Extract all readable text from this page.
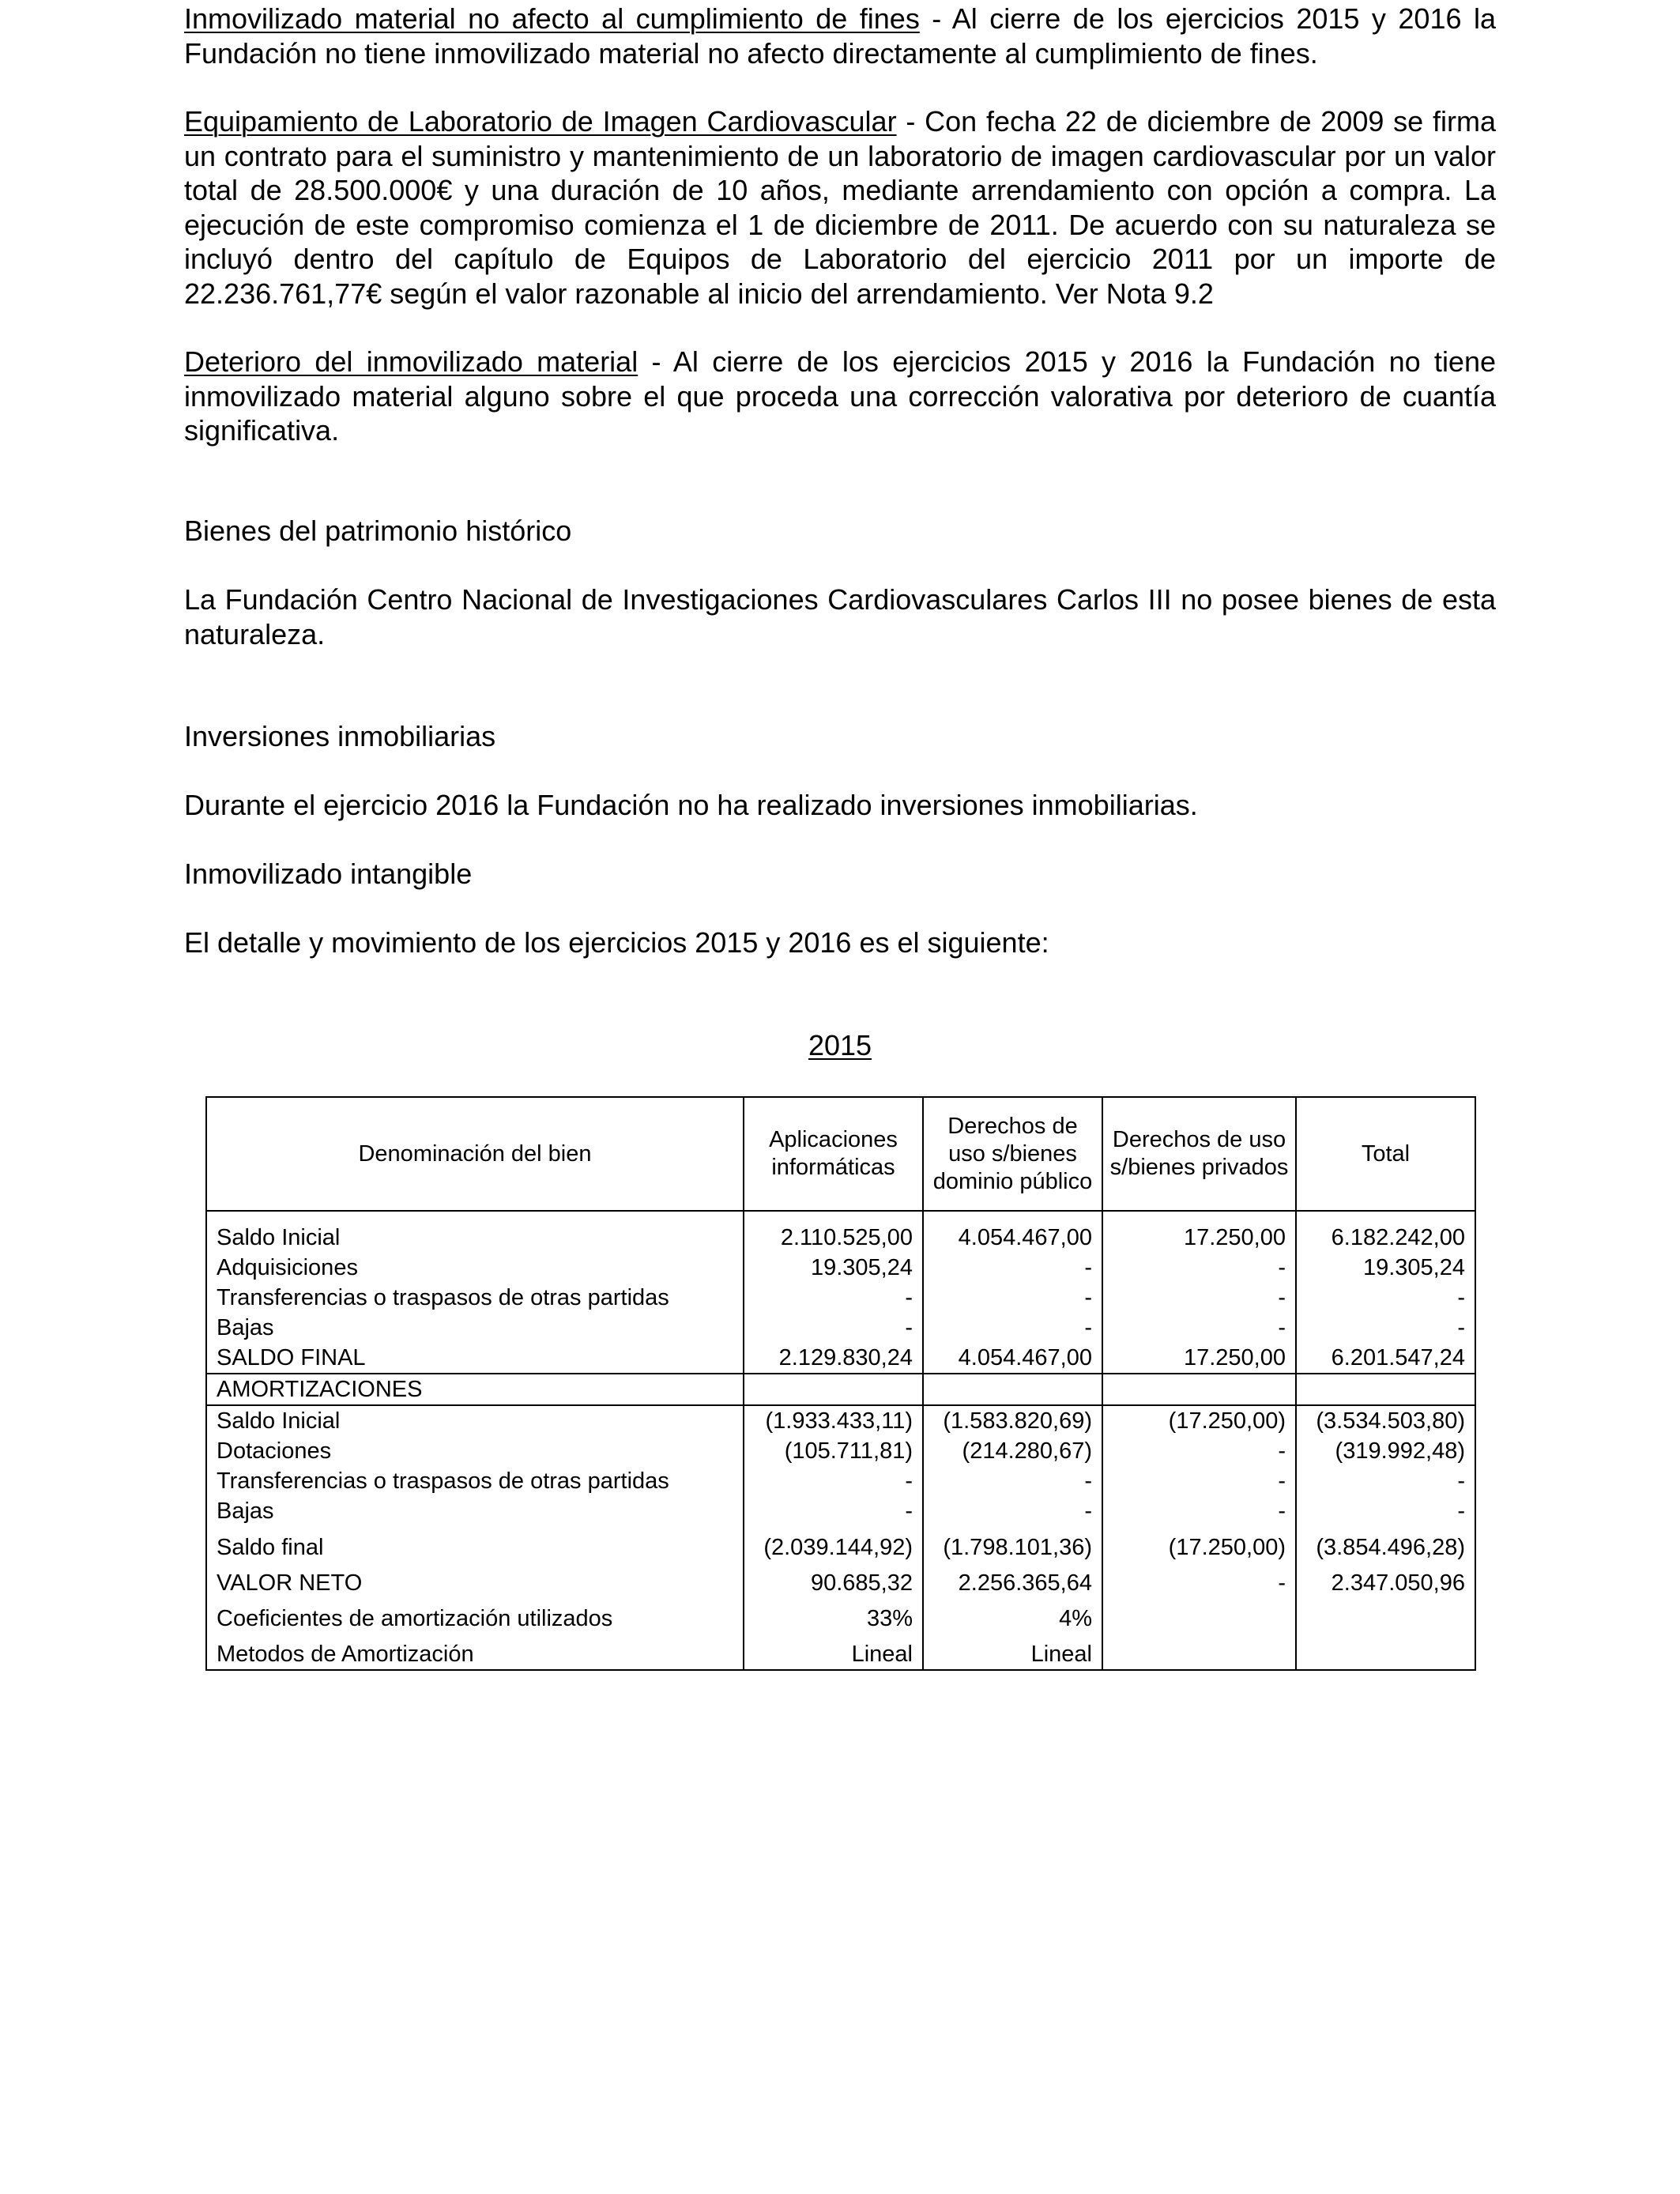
Inmovilizado material no afecto al cumplimiento de fines - Al cierre de los ejercicios 2015 y 2016 la Fundación no tiene inmovilizado material no afecto directamente al cumplimiento de fines.

Equipamiento de Laboratorio de Imagen Cardiovascular - Con fecha 22 de diciembre de 2009 se firma un contrato para el suministro y mantenimiento de un laboratorio de imagen cardiovascular por un valor total de 28.500.000€ y una duración de 10 años, mediante arrendamiento con opción a compra. La ejecución de este compromiso comienza el 1 de diciembre de 2011. De acuerdo con su naturaleza se incluyó dentro del capítulo de Equipos de Laboratorio del ejercicio 2011 por un importe de 22.236.761,77€ según el valor razonable al inicio del arrendamiento. Ver Nota 9.2

Deterioro del inmovilizado material - Al cierre de los ejercicios 2015 y 2016 la Fundación no tiene inmovilizado material alguno sobre el que proceda una corrección valorativa por deterioro de cuantía significativa.

Bienes del patrimonio histórico

La Fundación Centro Nacional de Investigaciones Cardiovasculares Carlos III no posee bienes de esta naturaleza.

Inversiones inmobiliarias
Durante el ejercicio 2016 la Fundación no ha realizado inversiones inmobiliarias.
Inmovilizado intangible
El detalle y movimiento de los ejercicios 2015 y 2016 es el siguiente:
2015
Denominación del bien	Aplicaciones informáticas	Derechos de uso s/bienes dominio público	Derechos de uso s/bienes privados	Total
Saldo Inicial	2.110.525,00	4.054.467,00	17.250,00	6.182.242,00
Adquisiciones	19.305,24	-	-	19.305,24
Transferencias o traspasos de otras partidas	-	-	-	-
Bajas	-	-	-	-
SALDO FINAL	2.129.830,24	4.054.467,00	17.250,00	6.201.547,24
AMORTIZACIONES				
Saldo Inicial	(1.933.433,11)	(1.583.820,69)	(17.250,00)	(3.534.503,80)
Dotaciones	(105.711,81)	(214.280,67)	-	(319.992,48)
Transferencias o traspasos de otras partidas	-	-	-	-
Bajas	-	-	-	-
Saldo final	(2.039.144,92)	(1.798.101,36)	(17.250,00)	(3.854.496,28)
VALOR NETO	90.685,32	2.256.365,64	-	2.347.050,96
Coeficientes de amortización utilizados	33%	4%		
Metodos de Amortización	Lineal	Lineal		
